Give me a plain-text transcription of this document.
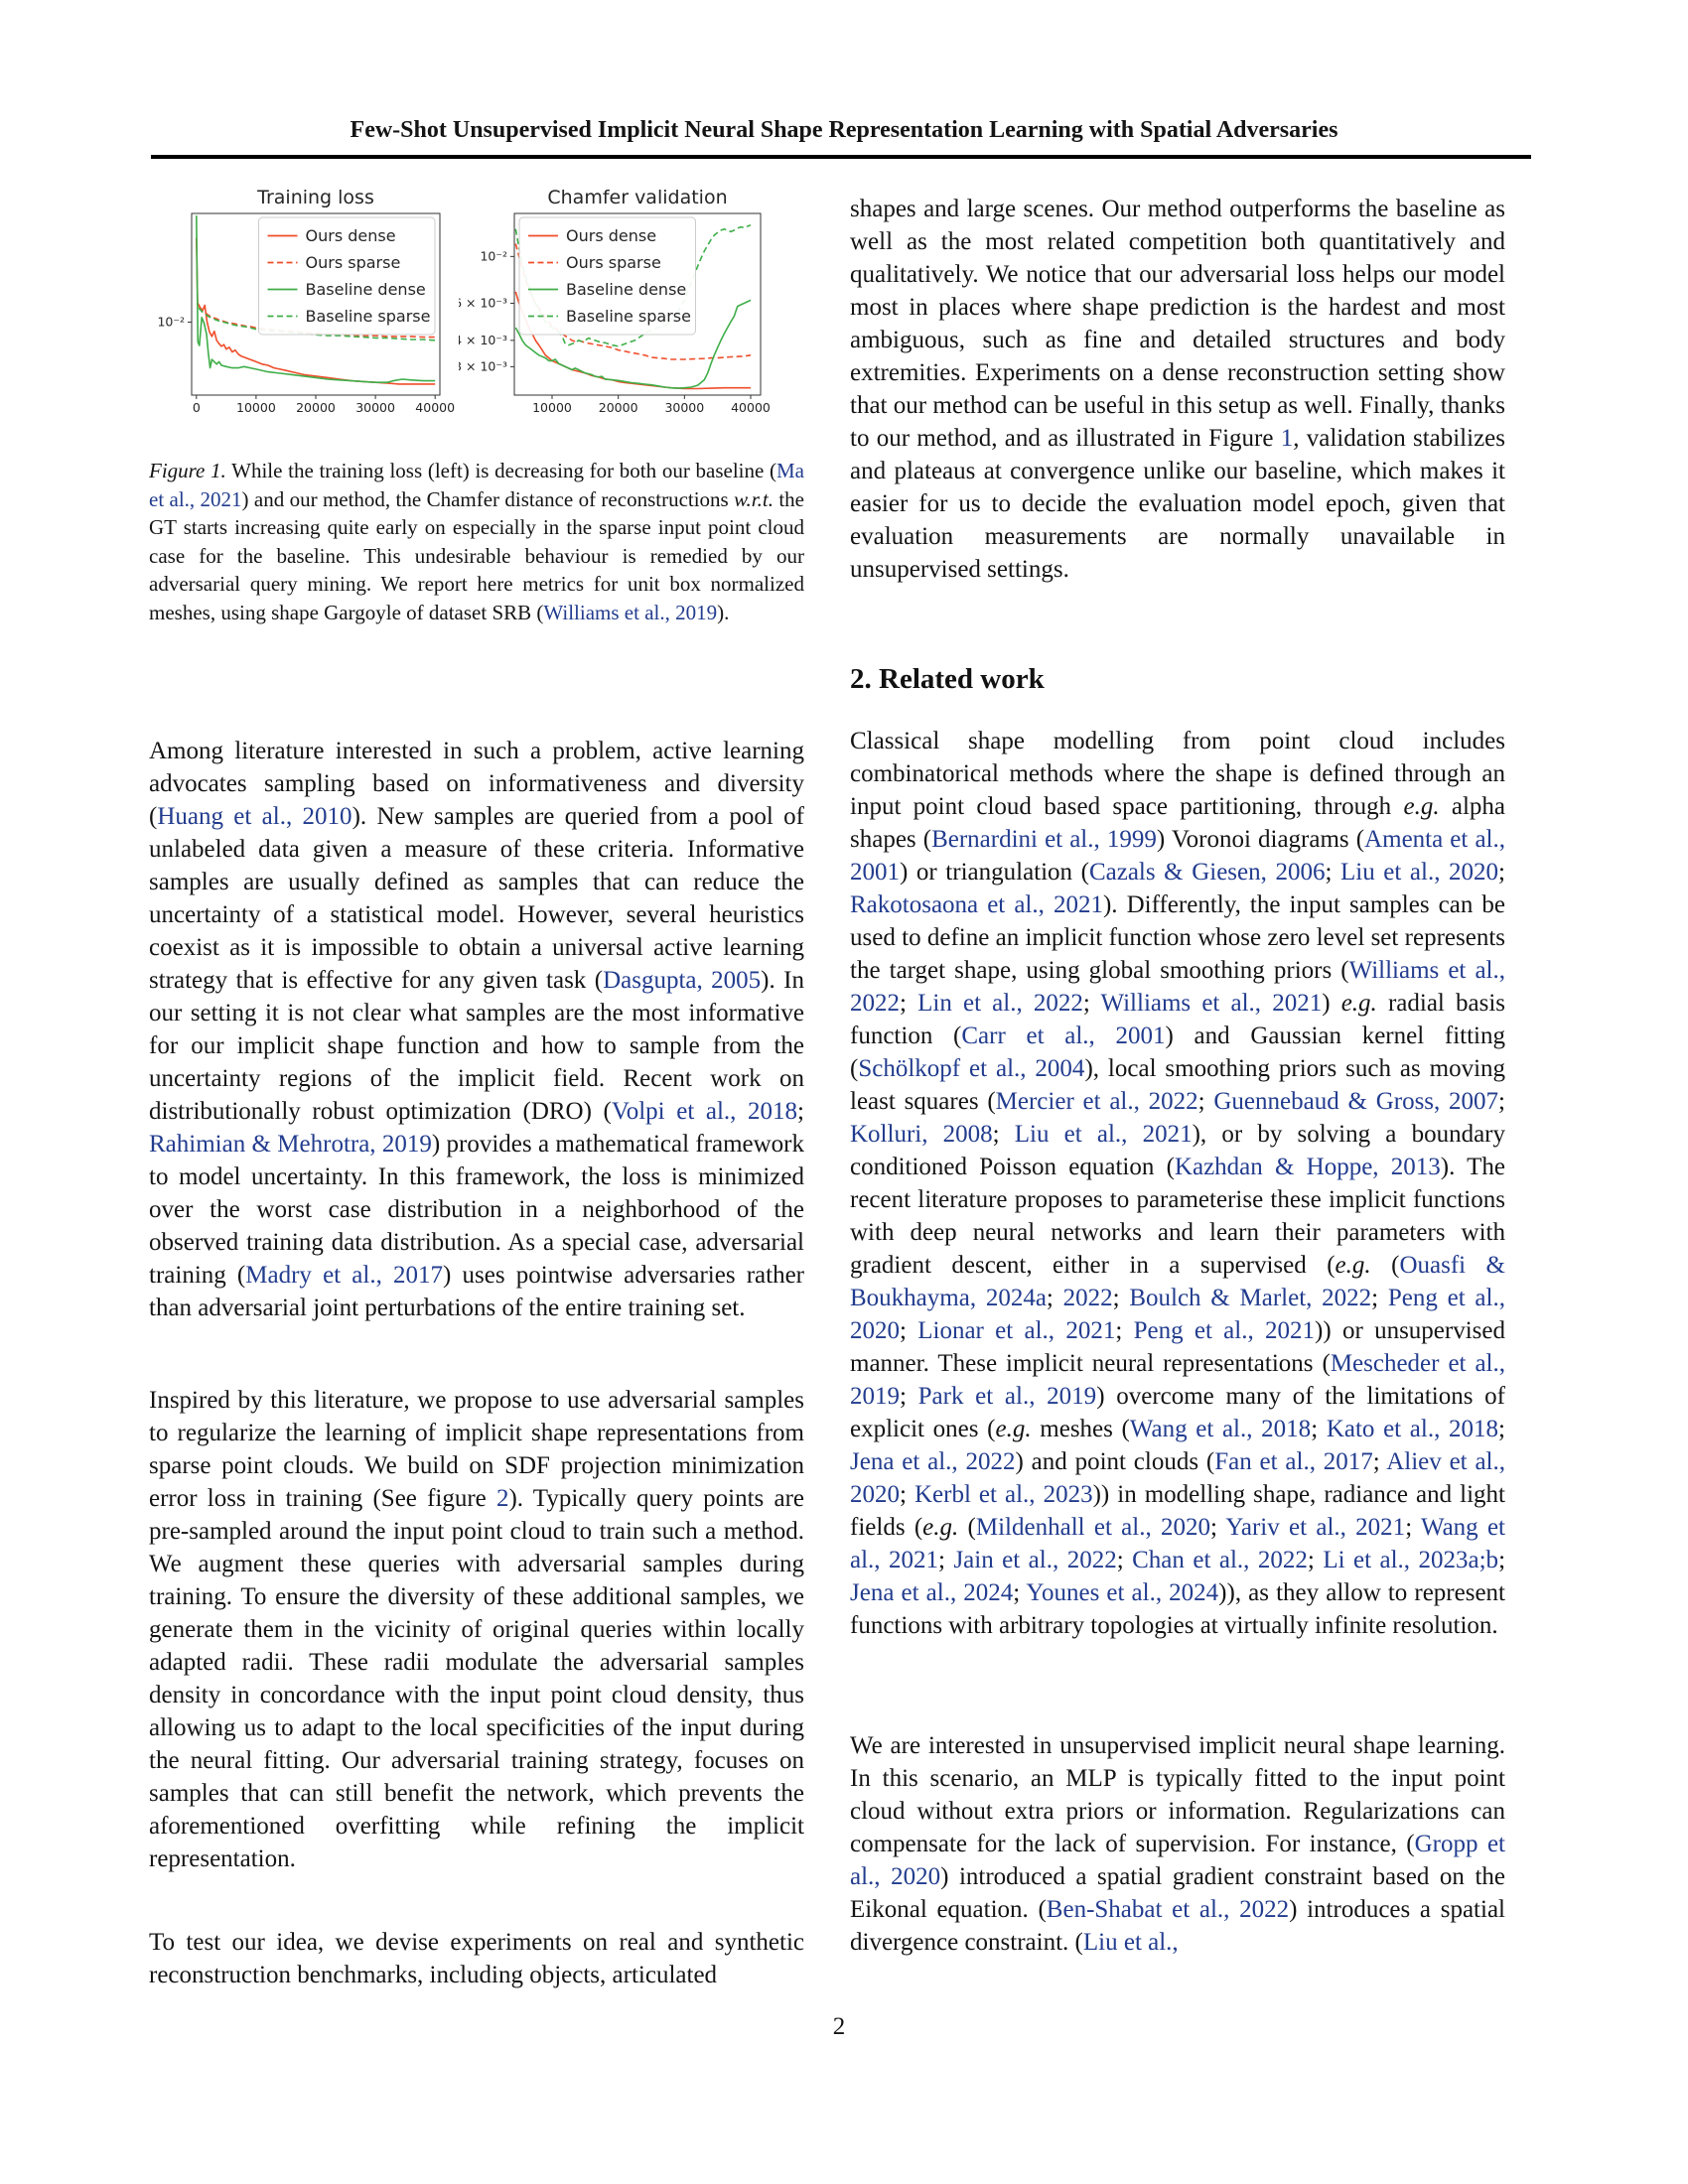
Few-Shot Unsupervised Implicit Neural Shape Representation Learning with Spatial Adversaries
Training loss
0	10000 20000 30000 40000
10⁻²
Ours dense
Ours sparse
Baseline dense
Baseline sparse
Chamfer validation
10000 20000 30000 40000
10⁻²
6 × 10⁻³
4 × 10⁻³
3 × 10⁻³
Ours dense
Ours sparse
Baseline dense
Baseline sparse

Figure 1. While the training loss (left) is decreasing for both our baseline (Ma et al., 2021) and our method, the Chamfer distance of reconstructions w.r.t. the GT starts increasing quite early on especially in the sparse input point cloud case for the baseline. This undesirable behaviour is remedied by our adversarial query mining. We report here metrics for unit box normalized meshes, using shape Gargoyle of dataset SRB (Williams et al., 2019).

Among literature interested in such a problem, active learning advocates sampling based on informativeness and diversity (Huang et al., 2010). New samples are queried from a pool of unlabeled data given a measure of these criteria. Informative samples are usually defined as samples that can reduce the uncertainty of a statistical model. However, several heuristics coexist as it is impossible to obtain a universal active learning strategy that is effective for any given task (Dasgupta, 2005). In our setting it is not clear what samples are the most informative for our implicit shape function and how to sample from the uncertainty regions of the implicit field. Recent work on distributionally robust optimization (DRO) (Volpi et al., 2018; Rahimian & Mehrotra, 2019) provides a mathematical framework to model uncertainty. In this framework, the loss is minimized over the worst case distribution in a neighborhood of the observed training data distribution. As a special case, adversarial training (Madry et al., 2017) uses pointwise adversaries rather than adversarial joint perturbations of the entire training set.

Inspired by this literature, we propose to use adversarial samples to regularize the learning of implicit shape representations from sparse point clouds. We build on SDF projection minimization error loss in training (See figure 2). Typically query points are pre-sampled around the input point cloud to train such a method. We augment these queries with adversarial samples during training. To ensure the diversity of these additional samples, we generate them in the vicinity of original queries within locally adapted radii. These radii modulate the adversarial samples density in concordance with the input point cloud density, thus allowing us to adapt to the local specificities of the input during the neural fitting. Our adversarial training strategy, focuses on samples that can still benefit the network, which prevents the aforementioned overfitting while refining the implicit representation.

To test our idea, we devise experiments on real and synthetic reconstruction benchmarks, including objects, articulated

shapes and large scenes. Our method outperforms the baseline as well as the most related competition both quantitatively and qualitatively. We notice that our adversarial loss helps our model most in places where shape prediction is the hardest and most ambiguous, such as fine and detailed structures and body extremities. Experiments on a dense reconstruction setting show that our method can be useful in this setup as well. Finally, thanks to our method, and as illustrated in Figure 1, validation stabilizes and plateaus at convergence unlike our baseline, which makes it easier for us to decide the evaluation model epoch, given that evaluation measurements are normally unavailable in unsupervised settings.

2. Related work

Classical shape modelling from point cloud includes combinatorical methods where the shape is defined through an input point cloud based space partitioning, through e.g. alpha shapes (Bernardini et al., 1999) Voronoi diagrams (Amenta et al., 2001) or triangulation (Cazals & Giesen, 2006; Liu et al., 2020; Rakotosaona et al., 2021). Differently, the input samples can be used to define an implicit function whose zero level set represents the target shape, using global smoothing priors (Williams et al., 2022; Lin et al., 2022; Williams et al., 2021) e.g. radial basis function (Carr et al., 2001) and Gaussian kernel fitting (Schölkopf et al., 2004), local smoothing priors such as moving least squares (Mercier et al., 2022; Guennebaud & Gross, 2007; Kolluri, 2008; Liu et al., 2021), or by solving a boundary conditioned Poisson equation (Kazhdan & Hoppe, 2013). The recent literature proposes to parameterise these implicit functions with deep neural networks and learn their parameters with gradient descent, either in a supervised (e.g. (Ouasfi & Boukhayma, 2024a; 2022; Boulch & Marlet, 2022; Peng et al., 2020; Lionar et al., 2021; Peng et al., 2021)) or unsupervised manner. These implicit neural representations (Mescheder et al., 2019; Park et al., 2019) overcome many of the limitations of explicit ones (e.g. meshes (Wang et al., 2018; Kato et al., 2018; Jena et al., 2022) and point clouds (Fan et al., 2017; Aliev et al., 2020; Kerbl et al., 2023)) in modelling shape, radiance and light fields (e.g. (Mildenhall et al., 2020; Yariv et al., 2021; Wang et al., 2021; Jain et al., 2022; Chan et al., 2022; Li et al., 2023a;b; Jena et al., 2024; Younes et al., 2024)), as they allow to represent functions with arbitrary topologies at virtually infinite resolution.

We are interested in unsupervised implicit neural shape learning. In this scenario, an MLP is typically fitted to the input point cloud without extra priors or information. Regularizations can compensate for the lack of supervision. For instance, (Gropp et al., 2020) introduced a spatial gradient constraint based on the Eikonal equation. (Ben-Shabat et al., 2022) introduces a spatial divergence constraint. (Liu et al.,

2
